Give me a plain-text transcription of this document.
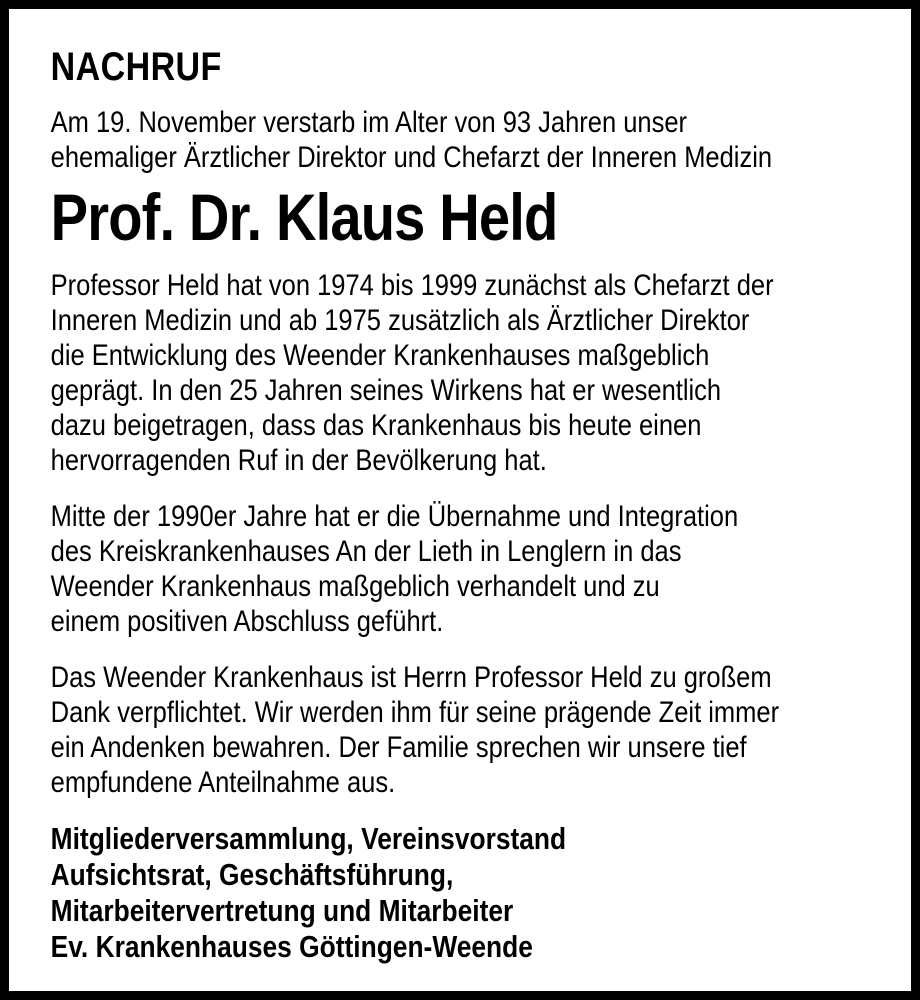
NACHRUF
Am 19. November verstarb im Alter von 93 Jahren unser
ehemaliger Ärztlicher Direktor und Chefarzt der Inneren Medizin
Prof. Dr. Klaus Held
Professor Held hat von 1974 bis 1999 zunächst als Chefarzt der
Inneren Medizin und ab 1975 zusätzlich als Ärztlicher Direktor
die Entwicklung des Weender Krankenhauses maßgeblich
geprägt. In den 25 Jahren seines Wirkens hat er wesentlich
dazu beigetragen, dass das Krankenhaus bis heute einen
hervorragenden Ruf in der Bevölkerung hat.
Mitte der 1990er Jahre hat er die Übernahme und Integration
des Kreiskrankenhauses An der Lieth in Lenglern in das
Weender Krankenhaus maßgeblich verhandelt und zu
einem positiven Abschluss geführt.
Das Weender Krankenhaus ist Herrn Professor Held zu großem
Dank verpflichtet. Wir werden ihm für seine prägende Zeit immer
ein Andenken bewahren. Der Familie sprechen wir unsere tief
empfundene Anteilnahme aus.
Mitgliederversammlung, Vereinsvorstand
Aufsichtsrat, Geschäftsführung,
Mitarbeitervertretung und Mitarbeiter
Ev. Krankenhauses Göttingen-Weende
